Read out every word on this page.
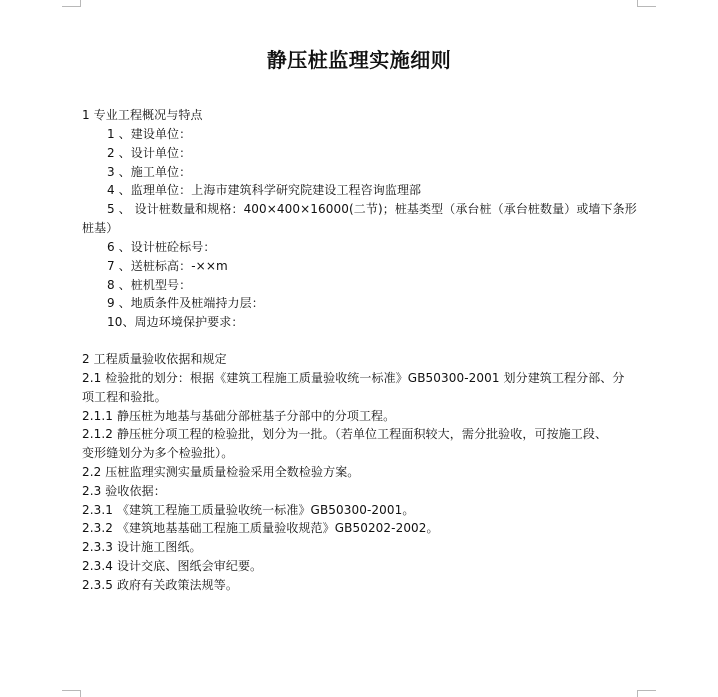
静压桩监理实施细则
1 专业工程概况与特点
1 、建设单位：
2 、设计单位：
3 、施工单位：
4 、监理单位：上海市建筑科学研究院建设工程咨询监理部
5 、 设计桩数量和规格：400×400×16000(二节)；桩基类型（承台桩（承台桩数量）或墙下条形
桩基）
6 、设计桩砼标号：
7 、送桩标高：-××m
8 、桩机型号：
9 、地质条件及桩端持力层：
10、周边环境保护要求：
2 工程质量验收依据和规定
2.1 检验批的划分：根据《建筑工程施工质量验收统一标准》GB50300-2001 划分建筑工程分部、分
项工程和验批。
2.1.1 静压桩为地基与基础分部桩基子分部中的分项工程。
2.1.2 静压桩分项工程的检验批，划分为一批。（若单位工程面积较大，需分批验收，可按施工段、
变形缝划分为多个检验批）。
2.2 压桩监理实测实量质量检验采用全数检验方案。
2.3 验收依据：
2.3.1 《建筑工程施工质量验收统一标准》GB50300-2001。
2.3.2 《建筑地基基础工程施工质量验收规范》GB50202-2002。
2.3.3 设计施工图纸。
2.3.4 设计交底、图纸会审纪要。
2.3.5 政府有关政策法规等。
